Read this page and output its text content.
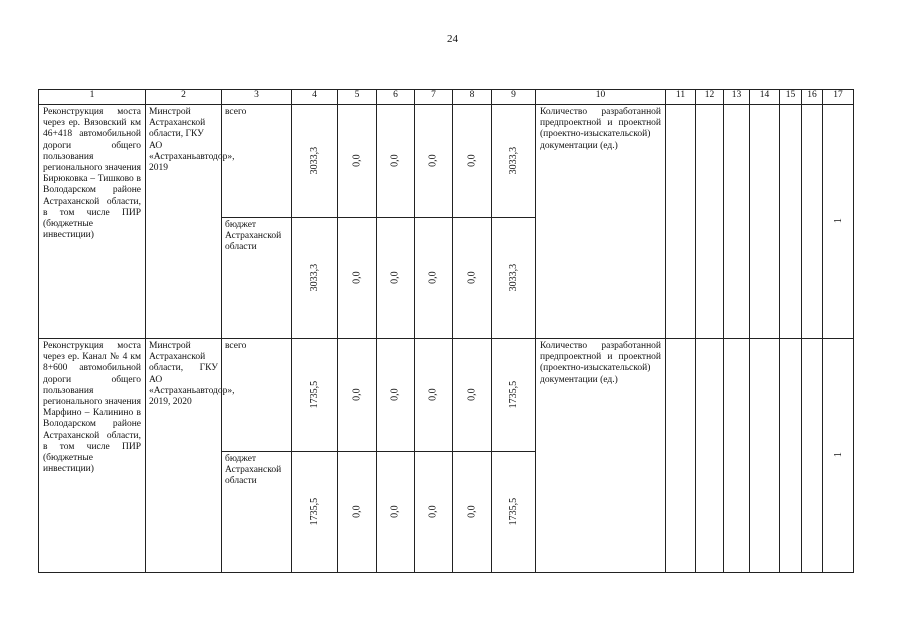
24
1	2	3	4	5	6	7	8	9	10	11	12	13	14	15	16	17
Реконструкция моста через ер. Вязовский км 46+418 автомобильной дороги общего пользования регионального значения Бирюковка – Тишково в Володарском районе Астраханской области, в том числе ПИР (бюджетные инвестиции)	Минстрой Астраханской области, ГКУ АО «Астраханьавтодор», 2019	всего	3033,3	0,0	0,0	0,0	0,0	3033,3	Количество разработанной предпроектной и проектной (проектно-изыскательской) документации (ед.)							1
		бюджет Астраханской области	3033,3	0,0	0,0	0,0	0,0	3033,3								
Реконструкция моста через ер. Канал № 4 км 8+600 автомобильной дороги общего пользования регионального значения Марфино – Калинино в Володарском районе Астраханской области, в том числе ПИР (бюджетные инвестиции)	Минстрой Астраханской области, ГКУ АО «Астраханьавтодор», 2019, 2020	всего	1735,5	0,0	0,0	0,0	0,0	1735,5	Количество разработанной предпроектной и проектной (проектно-изыскательской) документации (ед.)							1
		бюджет Астраханской области	1735,5	0,0	0,0	0,0	0,0	1735,5								
